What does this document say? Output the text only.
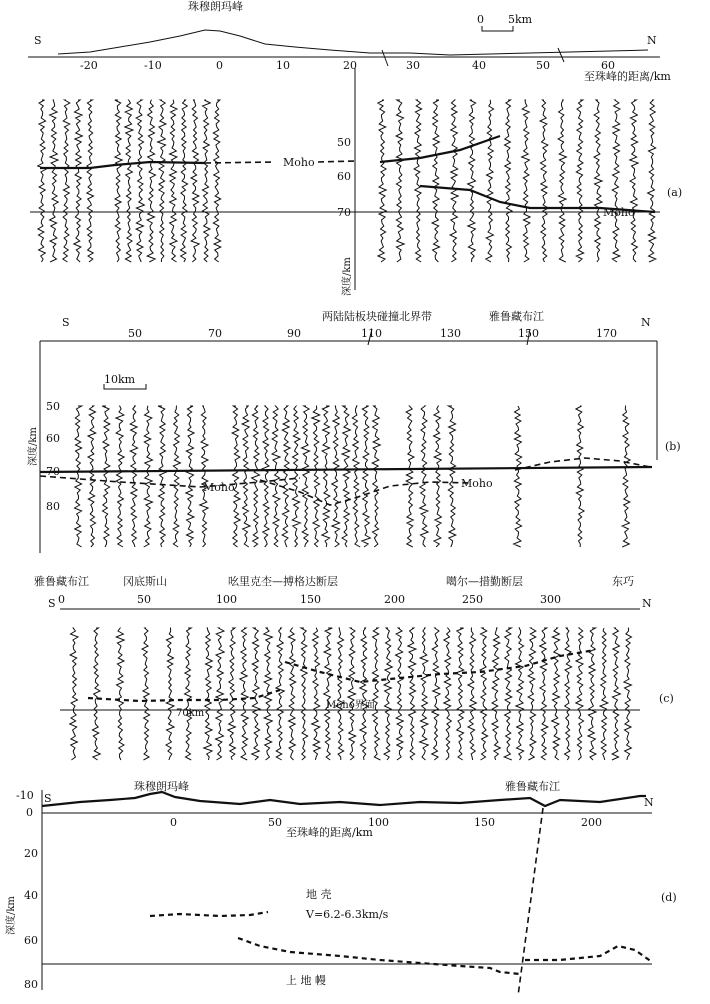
珠穆朗玛峰
S	N
0 5km
-20	-10	0	10	20	30	40	50	60
至珠峰的距离/km
50
60
70
深度/km
Moho
Moho
(a)
S	N
两陆陆板块碰撞北界带	雅鲁藏布江
50	70	90	110	130	150	170
10km
50
60
70
80
深度/km
Moho	Moho
(b)
雅鲁藏布江	冈底斯山	吆里克杢—搏格达断层	噶尔—措勤断层	东巧
S	N
0	50	100	150	200	250	300
70km
Moho界面
(c)
珠穆朗玛峰	雅鲁藏布江
S	N
-10
0
0	50	100	150	200
至珠峰的距离/km
20
40
60
80
深度/km
地 壳
V=6.2-6.3km/s
上 地 幔
(d)
